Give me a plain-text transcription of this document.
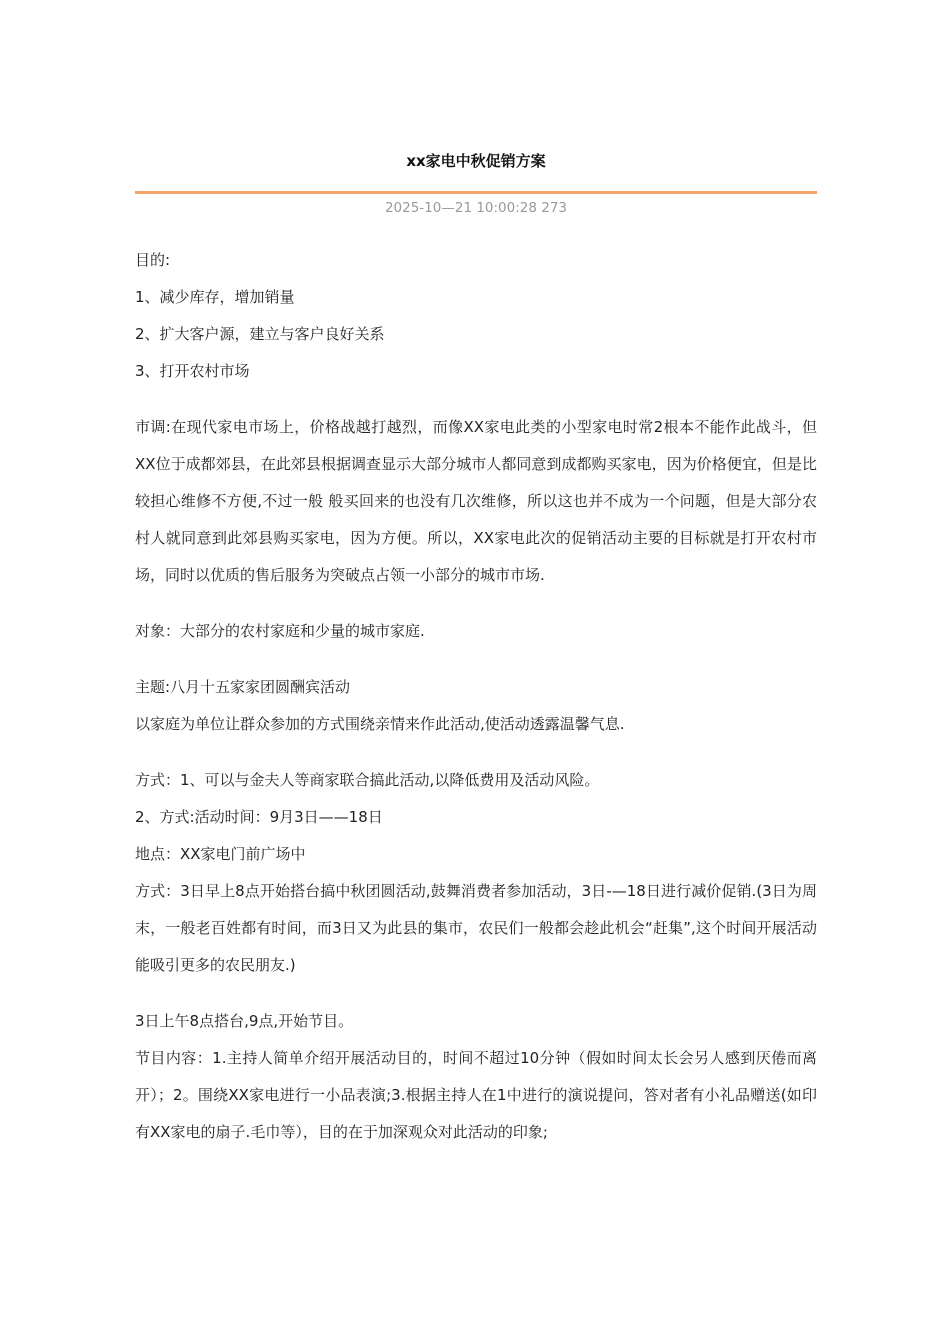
xx家电中秋促销方案
2025-10—21 10:00:28 273

目的:

1、减少库存，增加销量

2、扩大客户源，建立与客户良好关系

3、打开农村市场

市调:在现代家电市场上，价格战越打越烈，而像XX家电此类的小型家电时常2根本不能作此战斗，但XX位于成都郊县，在此郊县根据调查显示大部分城市人都同意到成都购买家电，因为价格便宜，但是比较担心维修不方便,不过一般 般买回来的也没有几次维修，所以这也并不成为一个问题，但是大部分农村人就同意到此郊县购买家电，因为方便。所以，XX家电此次的促销活动主要的目标就是打开农村市场，同时以优质的售后服务为突破点占领一小部分的城市市场.

对象：大部分的农村家庭和少量的城市家庭.

主题:八月十五家家团圆酬宾活动

以家庭为单位让群众参加的方式围绕亲情来作此活动,使活动透露温馨气息.

方式：1、可以与金夫人等商家联合搞此活动,以降低费用及活动风险。

2、方式:活动时间：9月3日——18日

地点：XX家电门前广场中

方式：3日早上8点开始搭台搞中秋团圆活动,鼓舞消费者参加活动，3日-—18日进行减价促销.(3日为周末，一般老百姓都有时间，而3日又为此县的集市，农民们一般都会趁此机会“赶集”,这个时间开展活动能吸引更多的农民朋友.)

3日上午8点搭台,9点,开始节目。

节目内容：1.主持人简单介绍开展活动目的，时间不超过10分钟（假如时间太长会另人感到厌倦而离开）；2。围绕XX家电进行一小品表演;3.根据主持人在1中进行的演说提问，答对者有小礼品赠送(如印有XX家电的扇子.毛巾等），目的在于加深观众对此活动的印象;
